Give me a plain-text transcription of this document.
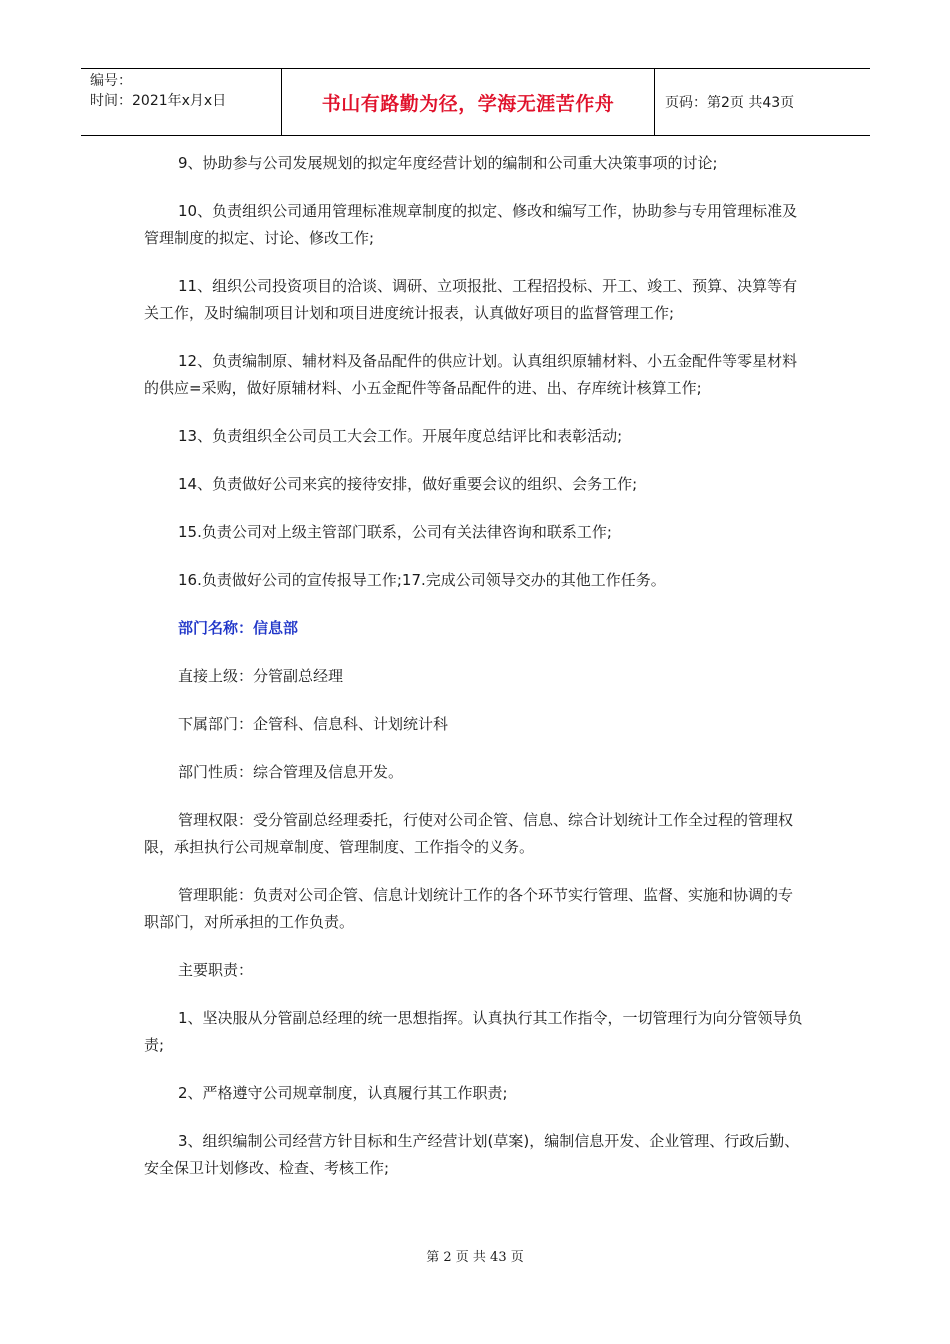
编号：
时间：2021年x月x日	书山有路勤为径，学海无涯苦作舟	页码：第2页 共43页

9、协助参与公司发展规划的拟定年度经营计划的编制和公司重大决策事项的讨论;

10、负责组织公司通用管理标准规章制度的拟定、修改和编写工作，协助参与专用管理标准及管理制度的拟定、讨论、修改工作;

11、组织公司投资项目的洽谈、调研、立项报批、工程招投标、开工、竣工、预算、决算等有关工作，及时编制项目计划和项目进度统计报表，认真做好项目的监督管理工作;

12、负责编制原、辅材料及备品配件的供应计划。认真组织原辅材料、小五金配件等零星材料的供应=采购，做好原辅材料、小五金配件等备品配件的进、出、存库统计核算工作;

13、负责组织全公司员工大会工作。开展年度总结评比和表彰活动;

14、负责做好公司来宾的接待安排，做好重要会议的组织、会务工作;

15.负责公司对上级主管部门联系，公司有关法律咨询和联系工作;

16.负责做好公司的宣传报导工作;17.完成公司领导交办的其他工作任务。

部门名称：信息部

直接上级：分管副总经理

下属部门：企管科、信息科、计划统计科

部门性质：综合管理及信息开发。

管理权限：受分管副总经理委托，行使对公司企管、信息、综合计划统计工作全过程的管理权限，承担执行公司规章制度、管理制度、工作指令的义务。

管理职能：负责对公司企管、信息计划统计工作的各个环节实行管理、监督、实施和协调的专职部门，对所承担的工作负责。

主要职责：

1、坚决服从分管副总经理的统一思想指挥。认真执行其工作指令，一切管理行为向分管领导负责;

2、严格遵守公司规章制度，认真履行其工作职责;

3、组织编制公司经营方针目标和生产经营计划(草案)，编制信息开发、企业管理、行政后勤、安全保卫计划修改、检查、考核工作;

第 2 页 共 43 页
